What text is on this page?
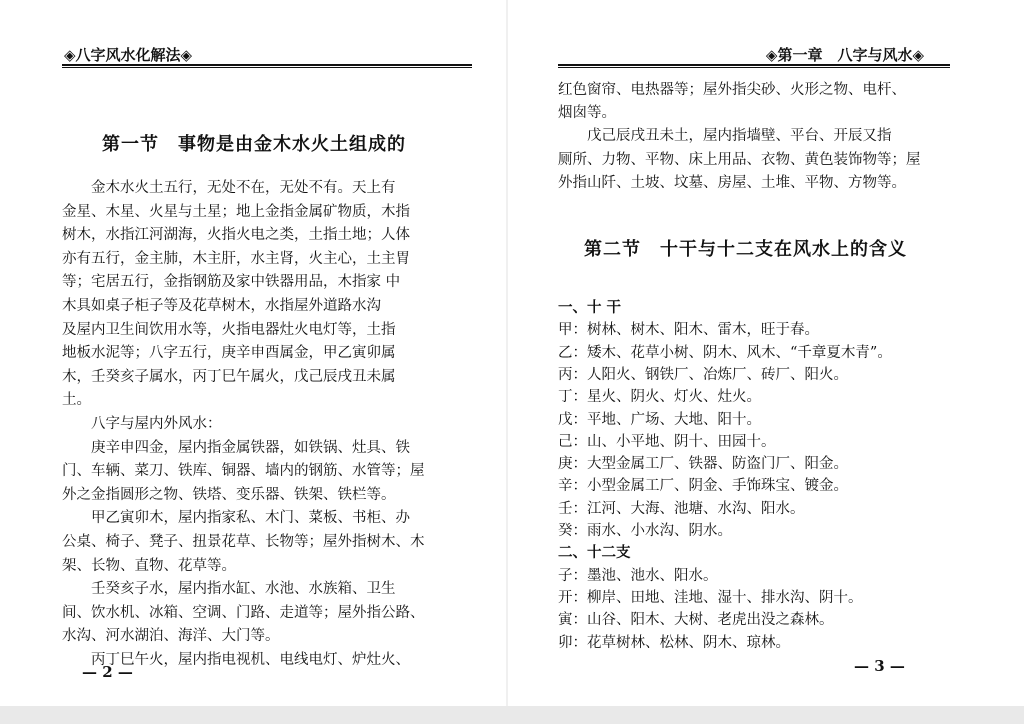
◈八字风水化解法◈
第一节　事物是由金木水火土组成的
　　金木水火土五行，无处不在，无处不有。天上有
金星、木星、火星与土星；地上金指金属矿物质，木指
树木，水指江河湖海，火指火电之类，土指土地；人体
亦有五行，金主肺，木主肝，水主肾，火主心，土主胃
等；宅居五行，金指钢筋及家中铁器用品，木指家 中
木具如桌子柜子等及花草树木，水指屋外道路水沟
及屋内卫生间饮用水等，火指电器灶火电灯等，土指
地板水泥等；八字五行，庚辛申酉属金，甲乙寅卯属
木，壬癸亥子属水，丙丁巳午属火，戊己辰戌丑未属
土。
　　八字与屋内外风水：
　　庚辛申四金，屋内指金属铁器，如铁锅、灶具、铁
门、车辆、菜刀、铁库、铜器、墙内的钢筋、水管等；屋
外之金指圆形之物、铁塔、变乐器、铁架、铁栏等。
　　甲乙寅卯木，屋内指家私、木门、菜板、书柜、办
公桌、椅子、凳子、扭景花草、长物等；屋外指树木、木
架、长物、直物、花草等。
　　壬癸亥子水，屋内指水缸、水池、水族箱、卫生
间、饮水机、冰箱、空调、门路、走道等；屋外指公路、
水沟、河水湖泊、海洋、大门等。
　　丙丁巳午火，屋内指电视机、电线电灯、炉灶火、
— 2 —
◈第一章　八字与风水◈
红色窗帘、电热器等；屋外指尖砂、火形之物、电杆、
烟囱等。
　　戊己辰戌丑未土，屋内指墙壁、平台、开辰又指
厕所、力物、平物、床上用品、衣物、黄色装饰物等；屋
外指山阡、土坡、坟墓、房屋、土堆、平物、方物等。
第二节　十干与十二支在风水上的含义
一、十 干
甲：树林、树木、阳木、雷木，旺于春。
乙：矮木、花草小树、阴木、风木、“千章夏木青”。
丙：人阳火、钢铁厂、冶炼厂、砖厂、阳火。
丁：星火、阴火、灯火、灶火。
戊：平地、广场、大地、阳十。
己：山、小平地、阴十、田园十。
庚：大型金属工厂、铁器、防盗门厂、阳金。
辛：小型金属工厂、阴金、手饰珠宝、镀金。
壬：江河、大海、池塘、水沟、阳水。
癸：雨水、小水沟、阴水。
二、十二支
子：墨池、池水、阳水。
开：柳岸、田地、洼地、湿十、排水沟、阴十。
寅：山谷、阳木、大树、老虎出没之森林。
卯：花草树林、松林、阴木、琼林。
— 3 —
